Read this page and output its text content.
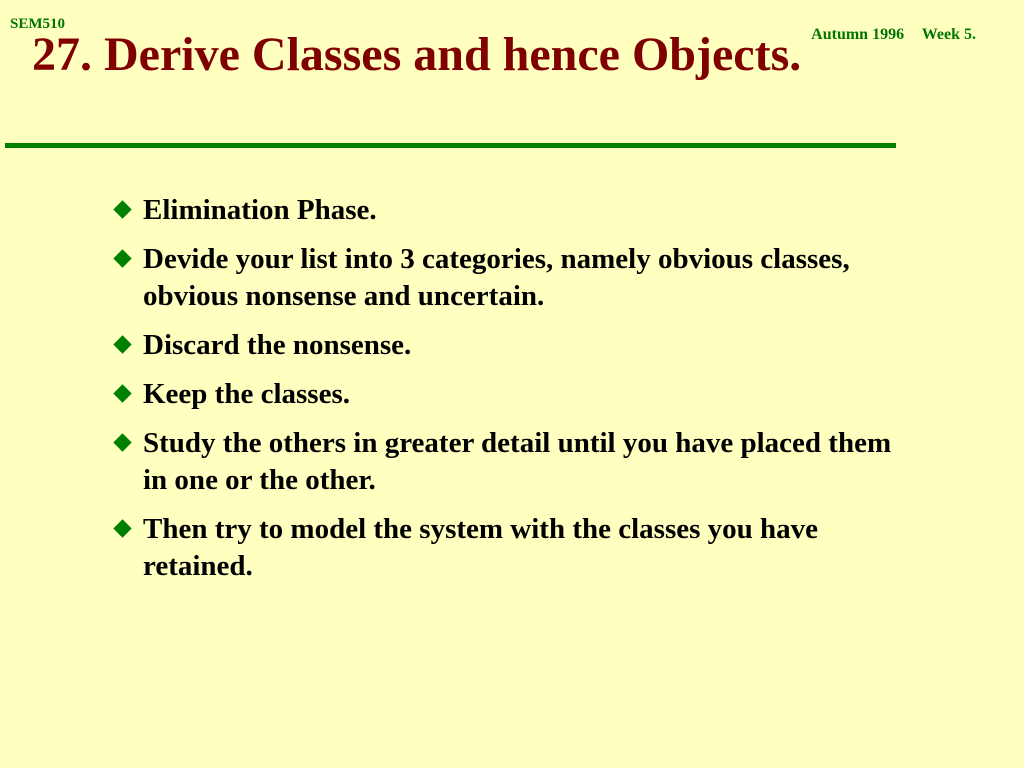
SEM510
Autumn 1996 Week 5.
27. Derive Classes and hence Objects.
Elimination Phase.
Devide your list into 3 categories, namely obvious classes, obvious nonsense and uncertain.
Discard the nonsense.
Keep the classes.
Study the others in greater detail until you have placed them in one or the other.
Then try to model the system with the classes you have retained.
